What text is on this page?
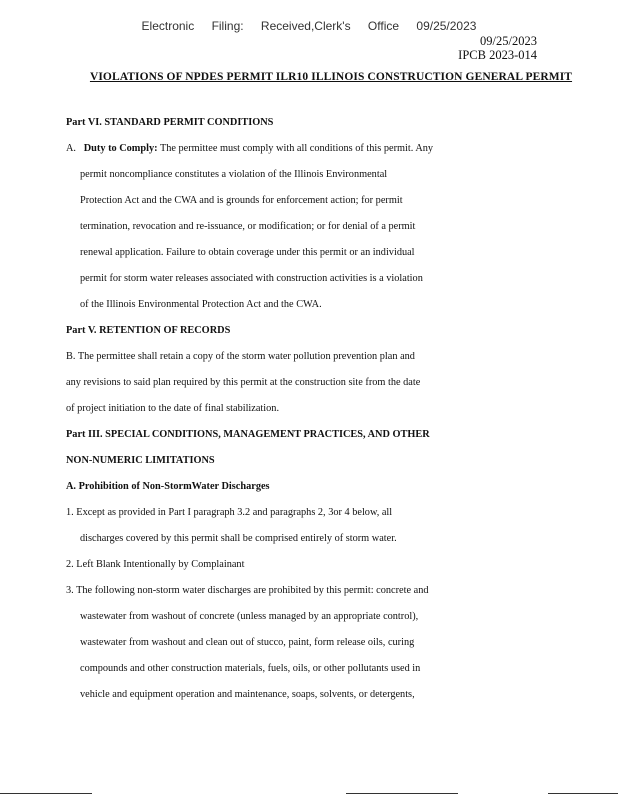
Electronic Filing: Received,Clerk's Office 09/25/2023
09/25/2023
IPCB 2023-014
VIOLATIONS OF NPDES PERMIT ILR10 ILLINOIS CONSTRUCTION GENERAL PERMIT
Part VI. STANDARD PERMIT CONDITIONS
A. Duty to Comply: The permittee must comply with all conditions of this permit. Any
permit noncompliance constitutes a violation of the Illinois Environmental
Protection Act and the CWA and is grounds for enforcement action; for permit
termination, revocation and re-issuance, or modification; or for denial of a permit
renewal application. Failure to obtain coverage under this permit or an individual
permit for storm water releases associated with construction activities is a violation
of the Illinois Environmental Protection Act and the CWA.
Part V. RETENTION OF RECORDS
B. The permittee shall retain a copy of the storm water pollution prevention plan and
any revisions to said plan required by this permit at the construction site from the date
of project initiation to the date of final stabilization.
Part III. SPECIAL CONDITIONS, MANAGEMENT PRACTICES, AND OTHER
NON-NUMERIC LIMITATIONS
A. Prohibition of Non-StormWater Discharges
1. Except as provided in Part I paragraph 3.2 and paragraphs 2, 3or 4 below, all
discharges covered by this permit shall be comprised entirely of storm water.
2. Left Blank Intentionally by Complainant
3. The following non-storm water discharges are prohibited by this permit: concrete and
wastewater from washout of concrete (unless managed by an appropriate control),
wastewater from washout and clean out of stucco, paint, form release oils, curing
compounds and other construction materials, fuels, oils, or other pollutants used in
vehicle and equipment operation and maintenance, soaps, solvents, or detergents,
